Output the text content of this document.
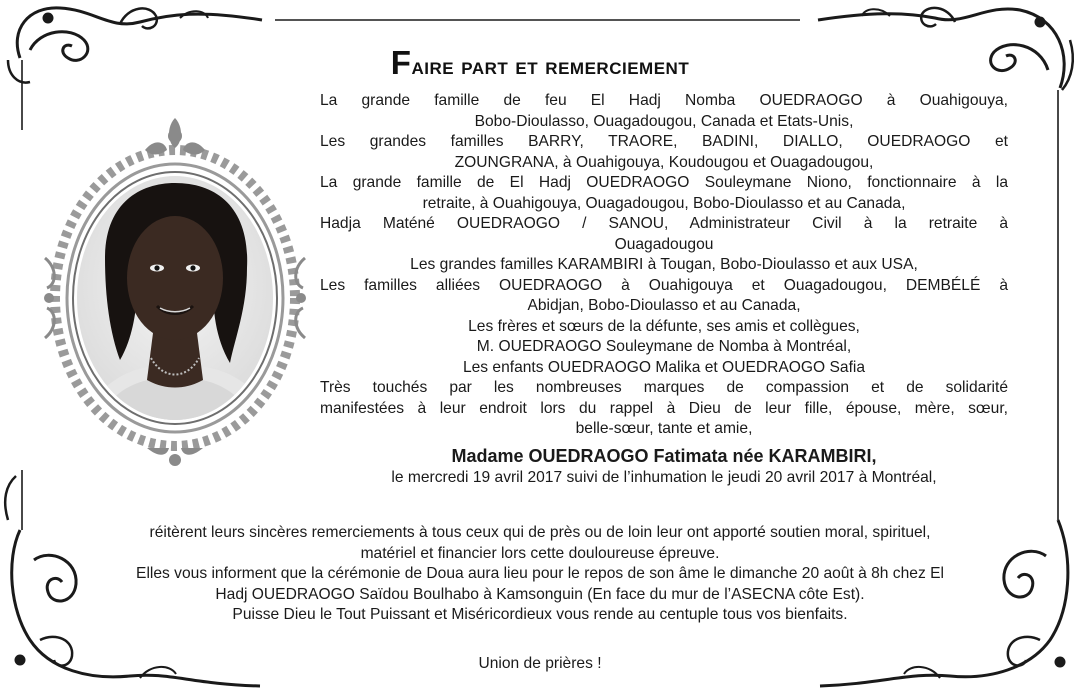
Faire part et remerciement
La grande famille de feu El Hadj Nomba OUEDRAOGO à Ouahigouya,
Bobo-Dioulasso, Ouagadougou, Canada et Etats-Unis,
Les grandes familles BARRY, TRAORE, BADINI, DIALLO, OUEDRAOGO et
ZOUNGRANA, à Ouahigouya, Koudougou et Ouagadougou,
La grande famille de El Hadj OUEDRAOGO Souleymane Niono, fonctionnaire à la
retraite, à Ouahigouya, Ouagadougou, Bobo-Dioulasso et au Canada,
Hadja Maténé OUEDRAOGO / SANOU, Administrateur Civil à la retraite à
Ouagadougou
Les grandes familles KARAMBIRI à Tougan, Bobo-Dioulasso et aux USA,
Les familles alliées OUEDRAOGO à Ouahigouya et Ouagadougou, DEMBÉLÉ à
Abidjan, Bobo-Dioulasso et au Canada,
Les frères et sœurs de la défunte, ses amis et collègues,
M. OUEDRAOGO Souleymane de Nomba à Montréal,
Les enfants OUEDRAOGO Malika et OUEDRAOGO Safia
Très touchés par les nombreuses marques de compassion et de solidarité
manifestées à leur endroit lors du rappel à Dieu de leur fille, épouse, mère, sœur,
belle-sœur, tante et amie,
Madame OUEDRAOGO Fatimata née KARAMBIRI,
le mercredi 19 avril 2017 suivi de l’inhumation le jeudi 20 avril 2017 à Montréal,
réitèrent leurs sincères remerciements à tous ceux qui de près ou de loin leur ont apporté soutien moral, spirituel,
matériel et financier lors cette douloureuse épreuve.
Elles vous informent que la cérémonie de Doua aura lieu pour le repos de son âme le dimanche 20 août à 8h chez El
Hadj OUEDRAOGO Saïdou Boulhabo à Kamsonguin (En face du mur de l’ASECNA côte Est).
Puisse Dieu le Tout Puissant et Miséricordieux vous rende au centuple tous vos bienfaits.
Union de prières !
